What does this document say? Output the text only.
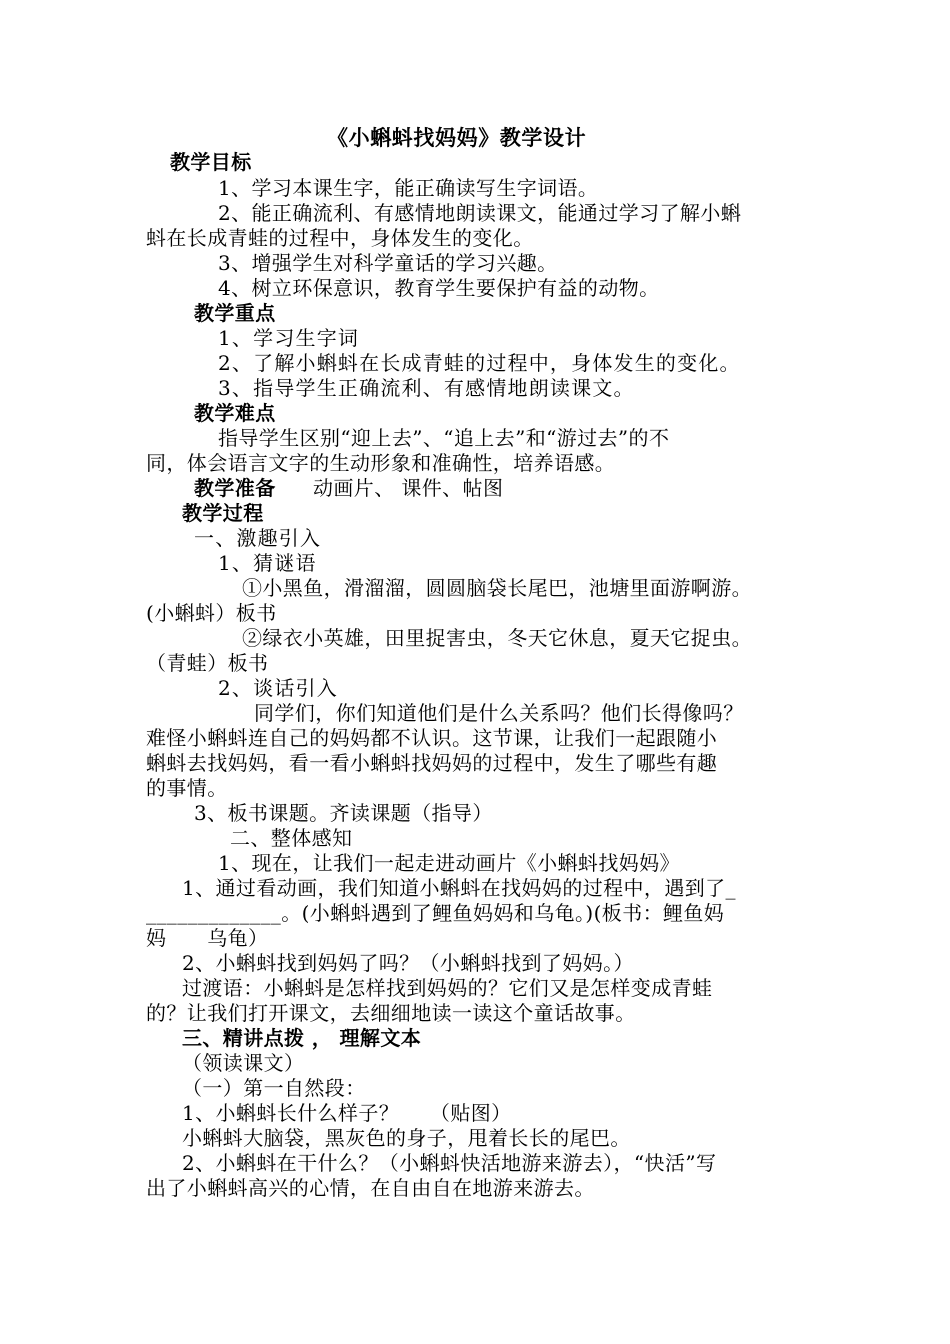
《小蝌蚪找妈妈》教学设计
教学目标
1、学习本课生字，能正确读写生字词语。
2、能正确流利、有感情地朗读课文，能通过学习了解小蝌
蚪在长成青蛙的过程中，身体发生的变化。
3、增强学生对科学童话的学习兴趣。
4、树立环保意识，教育学生要保护有益的动物。
教学重点
1、学习生字词
2、了解小蝌蚪在长成青蛙的过程中，身体发生的变化。
3、指导学生正确流利、有感情地朗读课文。
教学难点
指导学生区别“迎上去”、“追上去”和“游过去”的不
同，体会语言文字的生动形象和准确性，培养语感。
教学准备	动画片、 课件、帖图
教学过程
一、激趣引入
1、猜谜语
①小黑鱼，滑溜溜，圆圆脑袋长尾巴，池塘里面游啊游。
(小蝌蚪）板书
②绿衣小英雄，田里捉害虫，冬天它休息，夏天它捉虫。
（青蛙）板书
2、谈话引入
同学们，你们知道他们是什么关系吗？他们长得像吗？
难怪小蝌蚪连自己的妈妈都不认识。这节课，让我们一起跟随小
蝌蚪去找妈妈，看一看小蝌蚪找妈妈的过程中，发生了哪些有趣
的事情。
3、板书课题。齐读课题（指导）
二、整体感知
1、现在，让我们一起走进动画片《小蝌蚪找妈妈》
1、通过看动画，我们知道小蝌蚪在找妈妈的过程中，遇到了_
_____________。(小蝌蚪遇到了鲤鱼妈妈和乌龟。)(板书：鲤鱼妈
妈　　乌龟）
2、小蝌蚪找到妈妈了吗？（小蝌蚪找到了妈妈。）
过渡语：小蝌蚪是怎样找到妈妈的？它们又是怎样变成青蛙
的？让我们打开课文，去细细地读一读这个童话故事。
三、精讲点拨 ， 理解文本
（领读课文）
（一）第一自然段：
1、小蝌蚪长什么样子？　　（贴图）
小蝌蚪大脑袋，黑灰色的身子，甩着长长的尾巴。
2、小蝌蚪在干什么？（小蝌蚪快活地游来游去），“快活”写
出了小蝌蚪高兴的心情，在自由自在地游来游去。
